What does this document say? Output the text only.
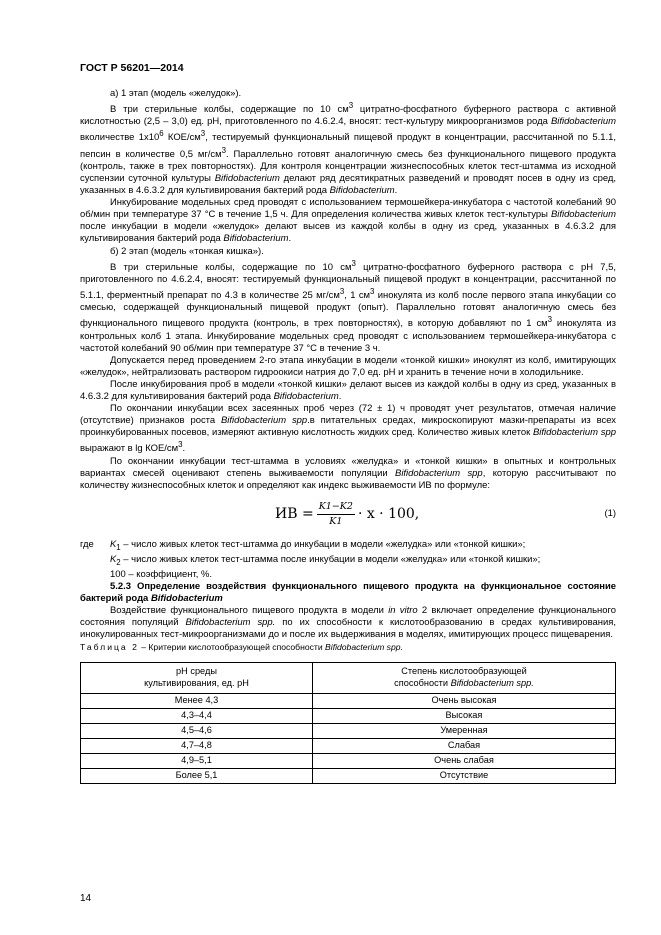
ГОСТ Р 56201—2014

а) 1 этап (модель «желудок»).

В три стерильные колбы, содержащие по 10 $см^3$ цитратно-фосфатного буферного раствора с активной кислотностью (2,5 – 3,0) ед. pH, приготовленного по 4.6.2.4, вносят: тест-культуру микроорганизмов рода Bifidobacterium вколичестве $1x10^6$ КОЕ/$см^3$, тестируемый функциональный пищевой продукт в концентрации, рассчитанной по 5.1.1, пепсин в количестве 0,5 $мг/см^3$. Параллельно готовят аналогичную смесь без функционального пищевого продукта (контроль, также в трех повторностях). Для контроля концентрации жизнеспособных клеток тест-штамма из исходной суспензии суточной культуры Bifidobacterium делают ряд десятикратных разведений и проводят посев в одну из сред, указанных в 4.6.3.2 для культивирования бактерий рода Bifidobacterium.

Инкубирование модельных сред проводят с использованием термошейкера-инкубатора с частотой колебаний 90 об/мин при температуре 37 °С в течение 1,5 ч. Для определения количества живых клеток тест-культуры Bifidobacterium после инкубации в модели «желудок» делают высев из каждой колбы в одну из сред, указанных в 4.6.3.2 для культивирования бактерий рода Bifidobacterium.

б) 2 этап (модель «тонкая кишка»).

В три стерильные колбы, содержащие по 10 $см^3$ цитратно-фосфатного буферного раствора с pH 7,5, приготовленного по 4.6.2.4, вносят: тестируемый функциональный пищевой продукт в концентрации, рассчитанной по 5.1.1, ферментный препарат по 4.3 в количестве 25 $мг/см^3$, 1 $см^3$ инокулята из колб после первого этапа инкубации со смесью, содержащей функциональный пищевой продукт (опыт). Параллельно готовят аналогичную смесь без функционального пищевого продукта (контроль, в трех повторностях), в которую добавляют по 1 $см^3$ инокулята из контрольных колб 1 этапа. Инкубирование модельных сред проводят с использованием термошейкера-инкубатора с частотой колебаний 90 об/мин при температуре 37 °С в течение 3 ч.

Допускается перед проведением 2-го этапа инкубации в модели «тонкой кишки» инокулят из колб, имитирующих «желудок», нейтрализовать раствором гидроокиси натрия до 7,0 ед. pH и хранить в течение ночи в холодильнике.

После инкубирования проб в модели «тонкой кишки» делают высев из каждой колбы в одну из сред, указанных в 4.6.3.2 для культивирования бактерий рода Bifidobacterium.

По окончании инкубации всех засеянных проб через (72 ± 1) ч проводят учет результатов, отмечая наличие (отсутствие) признаков роста Bifidobacterium spp.в питательных средах, микроскопируют мазки-препараты из всех проинкубированных посевов, измеряют активную кислотность жидких сред. Количество живых клеток Bifidobacterium spp выражают в lg КОЕ/$см^3$.

По окончании инкубации тест-штамма в условиях «желудка» и «тонкой кишки» в опытных и контрольных вариантах смесей оценивают степень выживаемости популяции Bifidobacterium spp, которую рассчитывают по количеству жизнеспособных клеток и определяют как индекс выживаемости ИВ по формуле:

ИВ = $\frac{K1-K2}{K1} \cdot x \cdot 100$,	(1)

где $K_1$ – число живых клеток тест-штамма до инкубации в модели «желудка» или «тонкой кишки»;

$K_2$ – число живых клеток тест-штамма после инкубации в модели «желудка» или «тонкой кишки»;

100 – коэффициент, %.

5.2.3 Определение воздействия функционального пищевого продукта на функциональное состояние бактерий рода Bifidobacterium

Воздействие функционального пищевого продукта в модели in vitro 2 включает определение функционального состояния популяций Bifidobacterium spp. по их способности к кислотообразованию в средах культивирования, инокулированных тест-микроорганизмами до и после их выдерживания в моделях, имитирующих процесс пищеварения.

Таблица 2 – Критерии кислотообразующей способности Bifidobacterium spp.

pH среды
культивирования, ед. pH	Степень кислотообразующей
способности Bifidobacterium spp.
Менее 4,3	Очень высокая
4,3–4,4	Высокая
4,5–4,6	Умеренная
4,7–4,8	Слабая
4,9–5,1	Очень слабая
Более 5,1	Отсутствие
14
